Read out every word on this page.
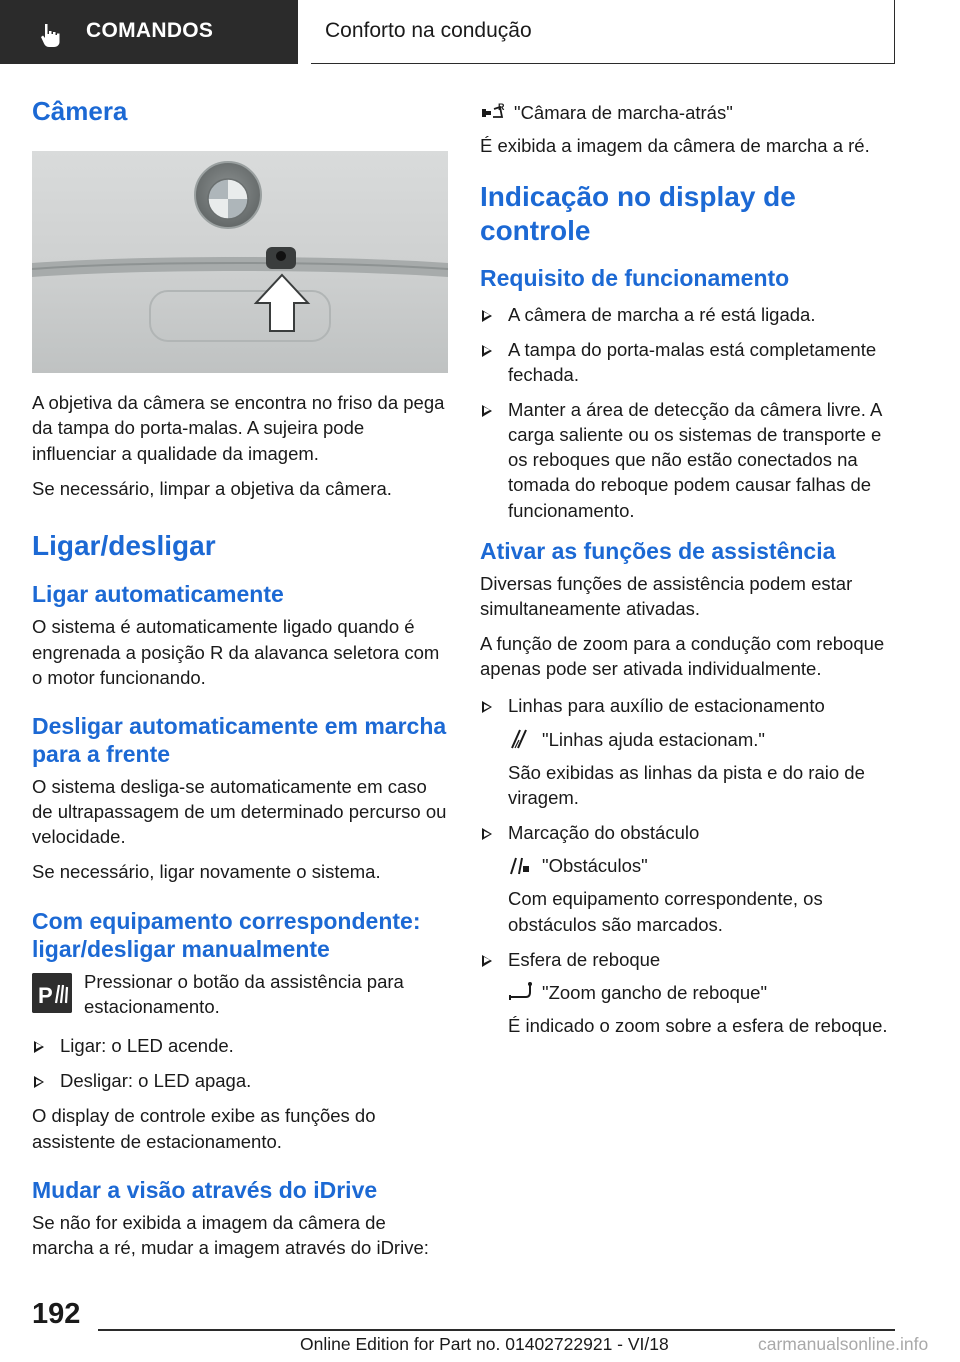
COMANDOS	Conforto na condução
Câmera

A objetiva da câmera se encontra no friso da pega da tampa do porta-malas. A sujeira pode influenciar a qualidade da imagem.

Se necessário, limpar a objetiva da câmera.

Ligar/desligar
Ligar automaticamente

O sistema é automaticamente ligado quando é engrenada a posição R da alavanca seletora com o motor funcionando.

Desligar automaticamente em marcha para a frente

O sistema desliga-se automaticamente em caso de ultrapassagem de um determinado percurso ou velocidade.

Se necessário, ligar novamente o sistema.

Com equipamento correspondente: ligar/desligar manualmente
P

Pressionar o botão da assistência para estacionamento.

Ligar: o LED acende.
Desligar: o LED apaga.

O display de controle exibe as funções do assistente de estacionamento.

Mudar a visão através do iDrive

Se não for exibida a imagem da câmera de marcha a ré, mudar a imagem através do iDrive:

R "Câmara de marcha-atrás"

É exibida a imagem da câmera de marcha a ré.

Indicação no display de controle
Requisito de funcionamento
A câmera de marcha a ré está ligada.
A tampa do porta-malas está completamente fechada.
Manter a área de detecção da câmera livre. A carga saliente ou os sistemas de transporte e os reboques que não estão conectados na tomada do reboque podem causar falhas de funcionamento.
Ativar as funções de assistência

Diversas funções de assistência podem estar simultaneamente ativadas.

A função de zoom para a condução com reboque apenas pode ser ativada individualmente.

Linhas para auxílio de estacionamento
"Linhas ajuda estacionam."
São exibidas as linhas da pista e do raio de viragem.
Marcação do obstáculo
"Obstáculos"
Com equipamento correspondente, os obstáculos são marcados.
Esfera de reboque
"Zoom gancho de reboque"
É indicado o zoom sobre a esfera de reboque.
192
Online Edition for Part no. 01402722921 - VI/18	carmanualsonline.info
